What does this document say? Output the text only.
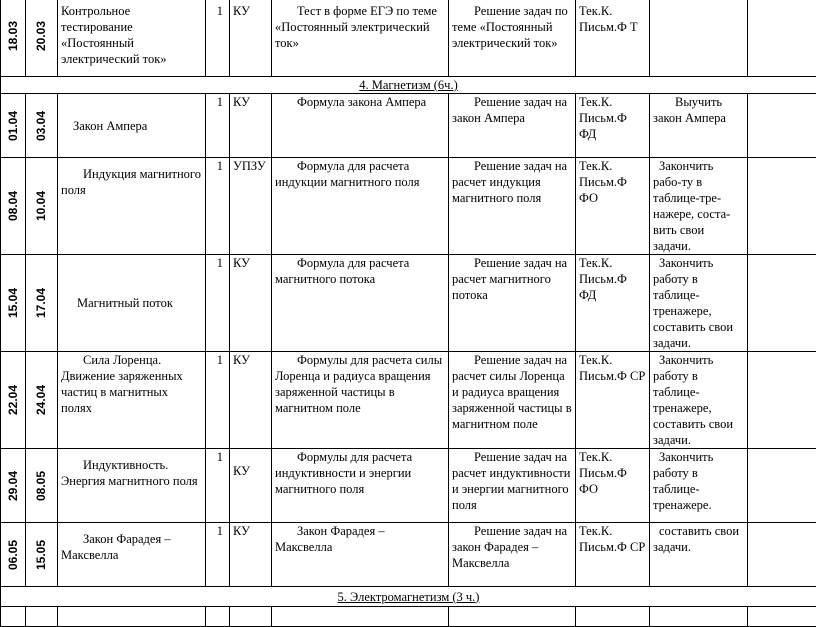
18.03	20.03	Контрольное тестирование «Постоянный электрический ток»	1	КУ	Тест в форме ЕГЭ по теме «Постоянный электрический ток»	Решение задач по теме «Постоянный электрический ток»	Тек.К. Письм.Ф Т		
4. Магнетизм (6ч.)									

01.04	03.04	Закон Ампера	1	КУ	Формула закона Ампера	Решение задач на закон Ампера	Тек.К. Письм.Ф ФД	Выучить закон Ампера	

08.04	10.04	Индукция магнитного поля	1	УПЗУ	Формула для расчета индукции магнитного поля	Решение задач на расчет индукция магнитного поля	Тек.К. Письм.Ф ФО	Закончить рабо-ту в таблице-тре-нажере, соста-вить свои задачи.	

15.04	17.04	Магнитный поток	1	КУ	Формула для расчета магнитного потока	Решение задач на расчет магнитного потока	Тек.К. Письм.Ф ФД	Закончить работу в таблице-тренажере, составить свои задачи.	

22.04	24.04	Сила Лоренца. Движение заряженных частиц в магнитных полях	1	КУ	Формулы для расчета силы Лоренца и радиуса вращения заряженной частицы в магнитном поле	Решение задач на расчет силы Лоренца и радиуса вращения заряженной частицы в магнитном поле	Тек.К. Письм.Ф СР	Закончить работу в таблице-тренажере, составить свои задачи.	

29.04	08.05	Индуктивность. Энергия магнитного поля	1	КУ	Формулы для расчета индуктивности и энергии магнитного поля	Решение задач на расчет индуктивности и энергии магнитного поля	Тек.К. Письм.Ф ФО	Закончить работу в таблице-тренажере.	

06.05	15.05	Закон Фарадея – Максвелла	1	КУ	Закон Фарадея – Максвелла	Решение задач на закон Фарадея – Максвелла	Тек.К. Письм.Ф СР	составить свои задачи.	
5. Электромагнетизм (3 ч.)									
